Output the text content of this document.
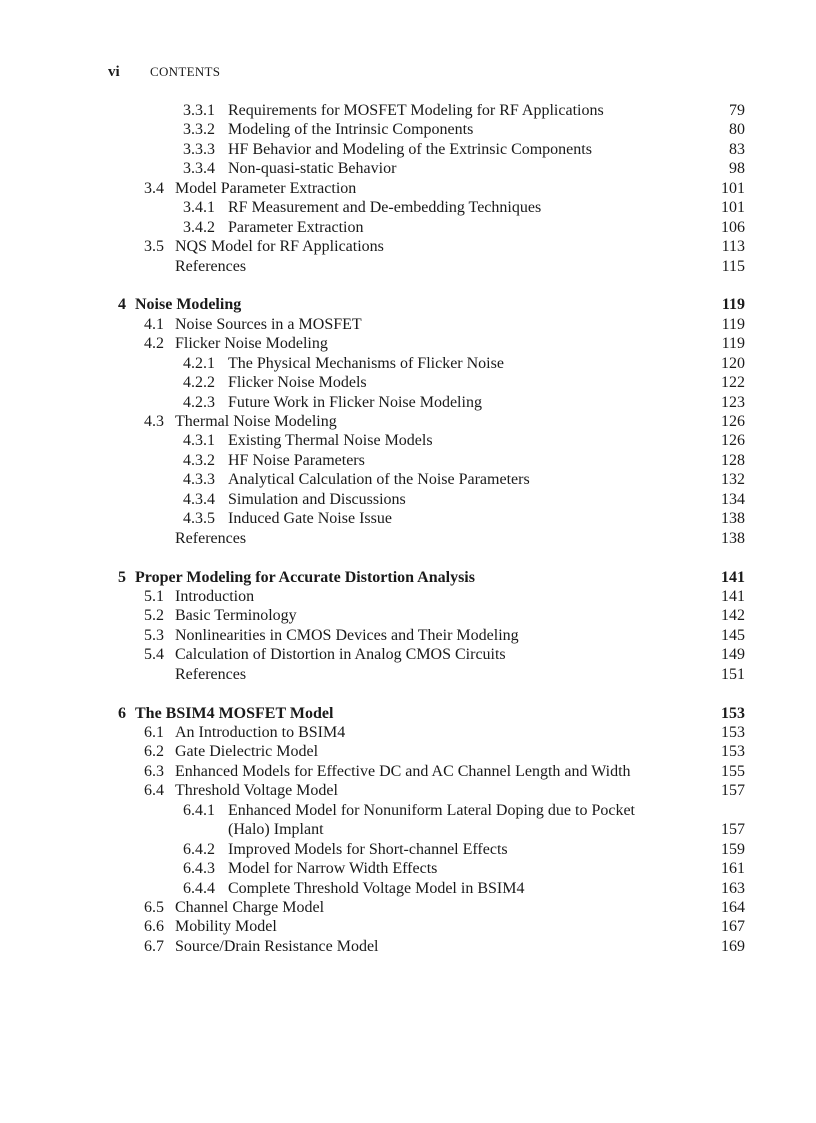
vi CONTENTS
3.3.1 Requirements for MOSFET Modeling for RF Applications	79
3.3.2 Modeling of the Intrinsic Components	80
3.3.3 HF Behavior and Modeling of the Extrinsic Components	83
3.3.4 Non-quasi-static Behavior	98
3.4 Model Parameter Extraction	101
3.4.1 RF Measurement and De-embedding Techniques	101
3.4.2 Parameter Extraction	106
3.5 NQS Model for RF Applications	113
References	115
4 Noise Modeling	119
4.1 Noise Sources in a MOSFET	119
4.2 Flicker Noise Modeling	119
4.2.1 The Physical Mechanisms of Flicker Noise	120
4.2.2 Flicker Noise Models	122
4.2.3 Future Work in Flicker Noise Modeling	123
4.3 Thermal Noise Modeling	126
4.3.1 Existing Thermal Noise Models	126
4.3.2 HF Noise Parameters	128
4.3.3 Analytical Calculation of the Noise Parameters	132
4.3.4 Simulation and Discussions	134
4.3.5 Induced Gate Noise Issue	138
References	138
5 Proper Modeling for Accurate Distortion Analysis	141
5.1 Introduction	141
5.2 Basic Terminology	142
5.3 Nonlinearities in CMOS Devices and Their Modeling	145
5.4 Calculation of Distortion in Analog CMOS Circuits	149
References	151
6 The BSIM4 MOSFET Model	153
6.1 An Introduction to BSIM4	153
6.2 Gate Dielectric Model	153
6.3 Enhanced Models for Effective DC and AC Channel Length and Width	155
6.4 Threshold Voltage Model	157
6.4.1 Enhanced Model for Nonuniform Lateral Doping due to Pocket
(Halo) Implant	157
6.4.2 Improved Models for Short-channel Effects	159
6.4.3 Model for Narrow Width Effects	161
6.4.4 Complete Threshold Voltage Model in BSIM4	163
6.5 Channel Charge Model	164
6.6 Mobility Model	167
6.7 Source/Drain Resistance Model	169
